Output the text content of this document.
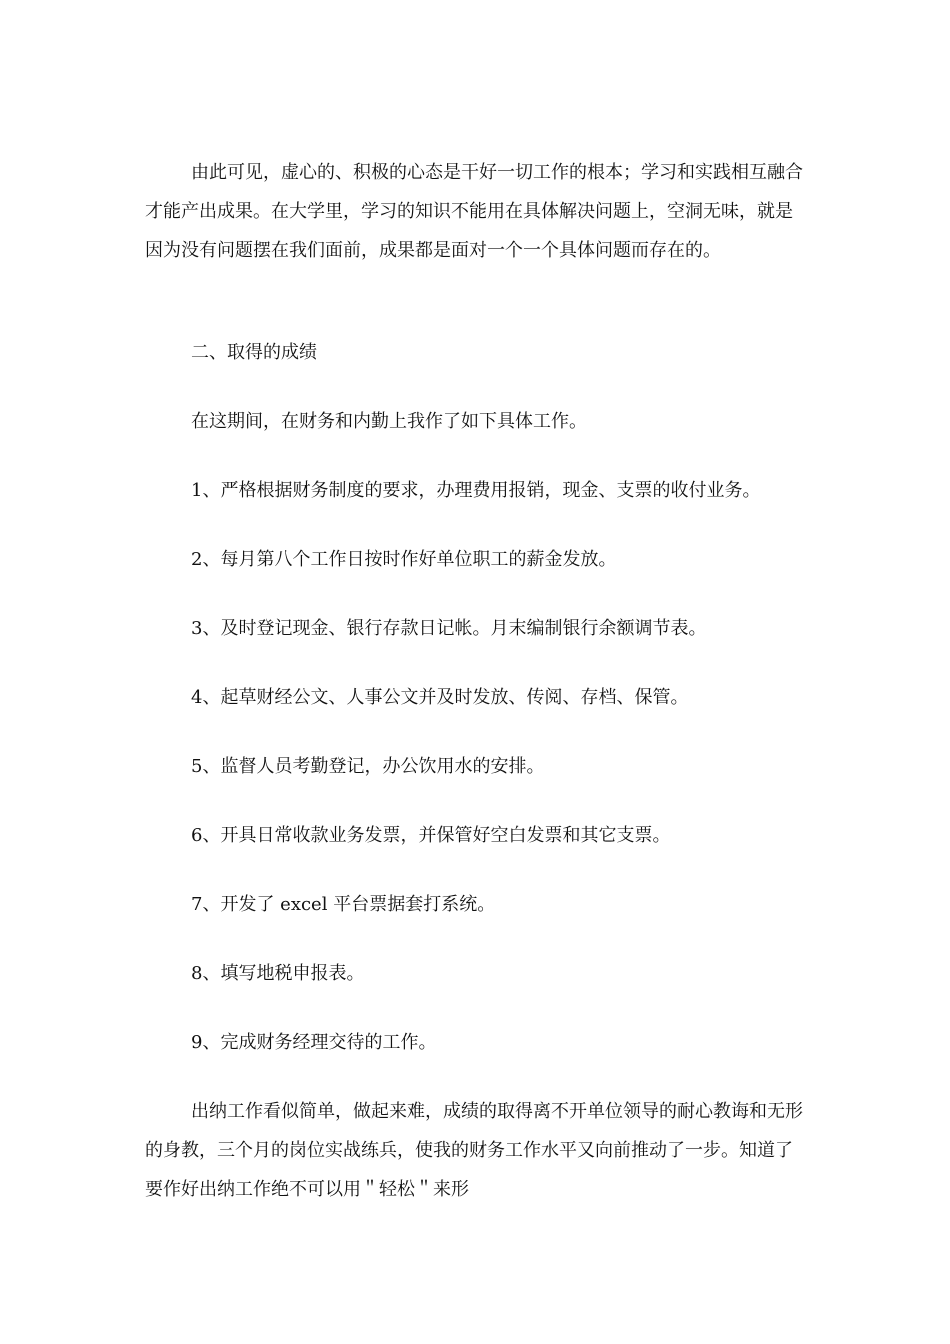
由此可见，虚心的、积极的心态是干好一切工作的根本；学习和实践相互融合才能产出成果。在大学里，学习的知识不能用在具体解决问题上，空洞无味，就是因为没有问题摆在我们面前，成果都是面对一个一个具体问题而存在的。

二、取得的成绩

在这期间，在财务和内勤上我作了如下具体工作。

1、严格根据财务制度的要求，办理费用报销，现金、支票的收付业务。

2、每月第八个工作日按时作好单位职工的薪金发放。

3、及时登记现金、银行存款日记帐。月末编制银行余额调节表。

4、起草财经公文、人事公文并及时发放、传阅、存档、保管。

5、监督人员考勤登记，办公饮用水的安排。

6、开具日常收款业务发票，并保管好空白发票和其它支票。

7、开发了 excel 平台票据套打系统。

8、填写地税申报表。

9、完成财务经理交待的工作。

出纳工作看似简单，做起来难，成绩的取得离不开单位领导的耐心教诲和无形的身教，三个月的岗位实战练兵，使我的财务工作水平又向前推动了一步。知道了要作好出纳工作绝不可以用＂轻松＂来形
